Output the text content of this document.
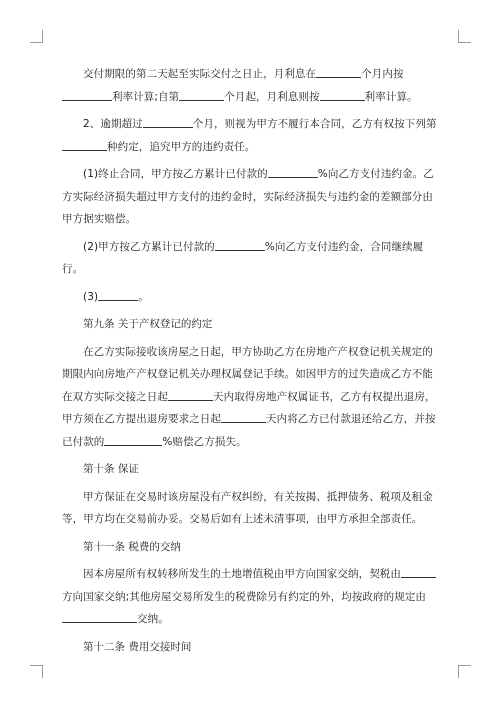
交付期限的第二天起至实际交付之日止，月利息在	个月内按利率计算;自第	个月起，月利息则按	利率计算。

2、逾期超过	个月，则视为甲方不履行本合同，乙方有权按下列第种约定，追究甲方的违约责任。

(1)终止合同，甲方按乙方累计已付款的	%向乙方支付违约金。乙方实际经济损失超过甲方支付的违约金时，实际经济损失与违约金的差额部分由甲方据实赔偿。

(2)甲方按乙方累计已付款的	%向乙方支付违约金，合同继续履行。

(3)	。

第九条 关于产权登记的约定

在乙方实际接收该房屋之日起，甲方协助乙方在房地产产权登记机关规定的期限内向房地产产权登记机关办理权属登记手续。如因甲方的过失造成乙方不能在双方实际交接之日起	天内取得房地产权属证书，乙方有权提出退房，甲方须在乙方提出退房要求之日起	天内将乙方已付款退还给乙方，并按已付款的	%赔偿乙方损失。

第十条 保证

甲方保证在交易时该房屋没有产权纠纷，有关按揭、抵押债务、税项及租金等，甲方均在交易前办妥。交易后如有上述未清事项，由甲方承担全部责任。

第十一条 税费的交纳

因本房屋所有权转移所发生的土地增值税由甲方向国家交纳，契税由方向国家交纳;其他房屋交易所发生的税费除另有约定的外，均按政府的规定由交纳。

第十二条 费用交接时间
